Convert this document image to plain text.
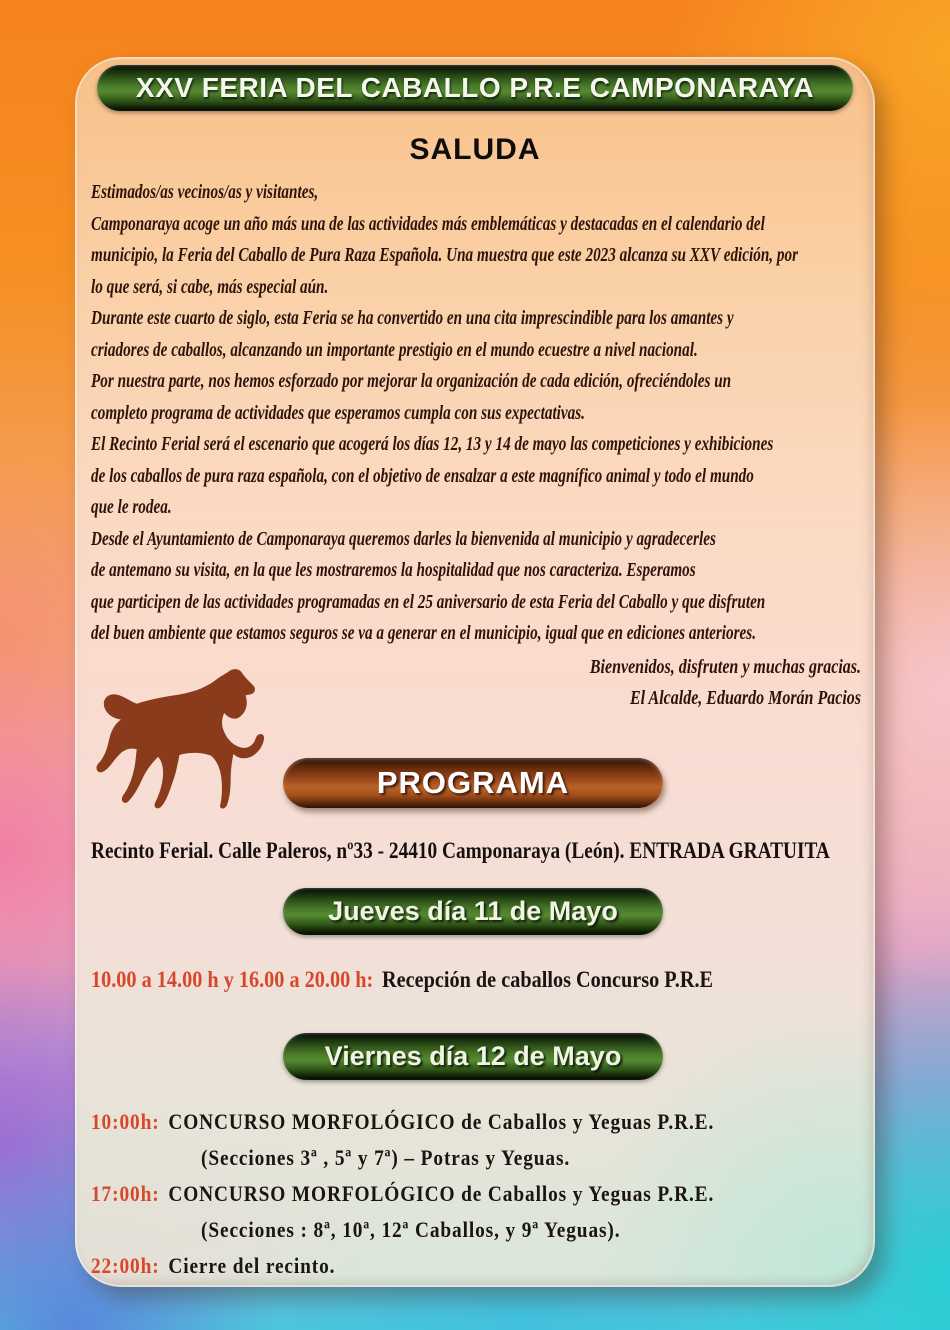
XXV FERIA DEL CABALLO P.R.E CAMPONARAYA
SALUDA
Estimados/as vecinos/as y visitantes,
Camponaraya acoge un año más una de las actividades más emblemáticas y destacadas en el calendario del
municipio, la Feria del Caballo de Pura Raza Española. Una muestra que este 2023 alcanza su XXV edición, por
lo que será, si cabe, más especial aún.
Durante este cuarto de siglo, esta Feria se ha convertido en una cita imprescindible para los amantes y
criadores de caballos, alcanzando un importante prestigio en el mundo ecuestre a nivel nacional.
Por nuestra parte, nos hemos esforzado por mejorar la organización de cada edición, ofreciéndoles un
completo programa de actividades que esperamos cumpla con sus expectativas.
El Recinto Ferial será el escenario que acogerá los días 12, 13 y 14 de mayo las competiciones y exhibiciones
de los caballos de pura raza española, con el objetivo de ensalzar a este magnífico animal y todo el mundo
que le rodea.
Desde el Ayuntamiento de Camponaraya queremos darles la bienvenida al municipio y agradecerles
de antemano su visita, en la que les mostraremos la hospitalidad que nos caracteriza. Esperamos
que participen de las actividades programadas en el 25 aniversario de esta Feria del Caballo y que disfruten
del buen ambiente que estamos seguros se va a generar en el municipio, igual que en ediciones anteriores.
Bienvenidos, disfruten y muchas gracias.
El Alcalde, Eduardo Morán Pacios
PROGRAMA
Recinto Ferial. Calle Paleros, nº33 - 24410 Camponaraya (León). ENTRADA GRATUITA
Jueves día 11 de Mayo
10.00 a 14.00 h y 16.00 a 20.00 h: Recepción de caballos Concurso P.R.E
Viernes día 12 de Mayo
10:00h: CONCURSO MORFOLÓGICO de Caballos y Yeguas P.R.E.
(Secciones 3ª , 5ª y 7ª) – Potras y Yeguas.
17:00h: CONCURSO MORFOLÓGICO de Caballos y Yeguas P.R.E.
(Secciones : 8ª, 10ª, 12ª Caballos, y 9ª Yeguas).
22:00h: Cierre del recinto.
